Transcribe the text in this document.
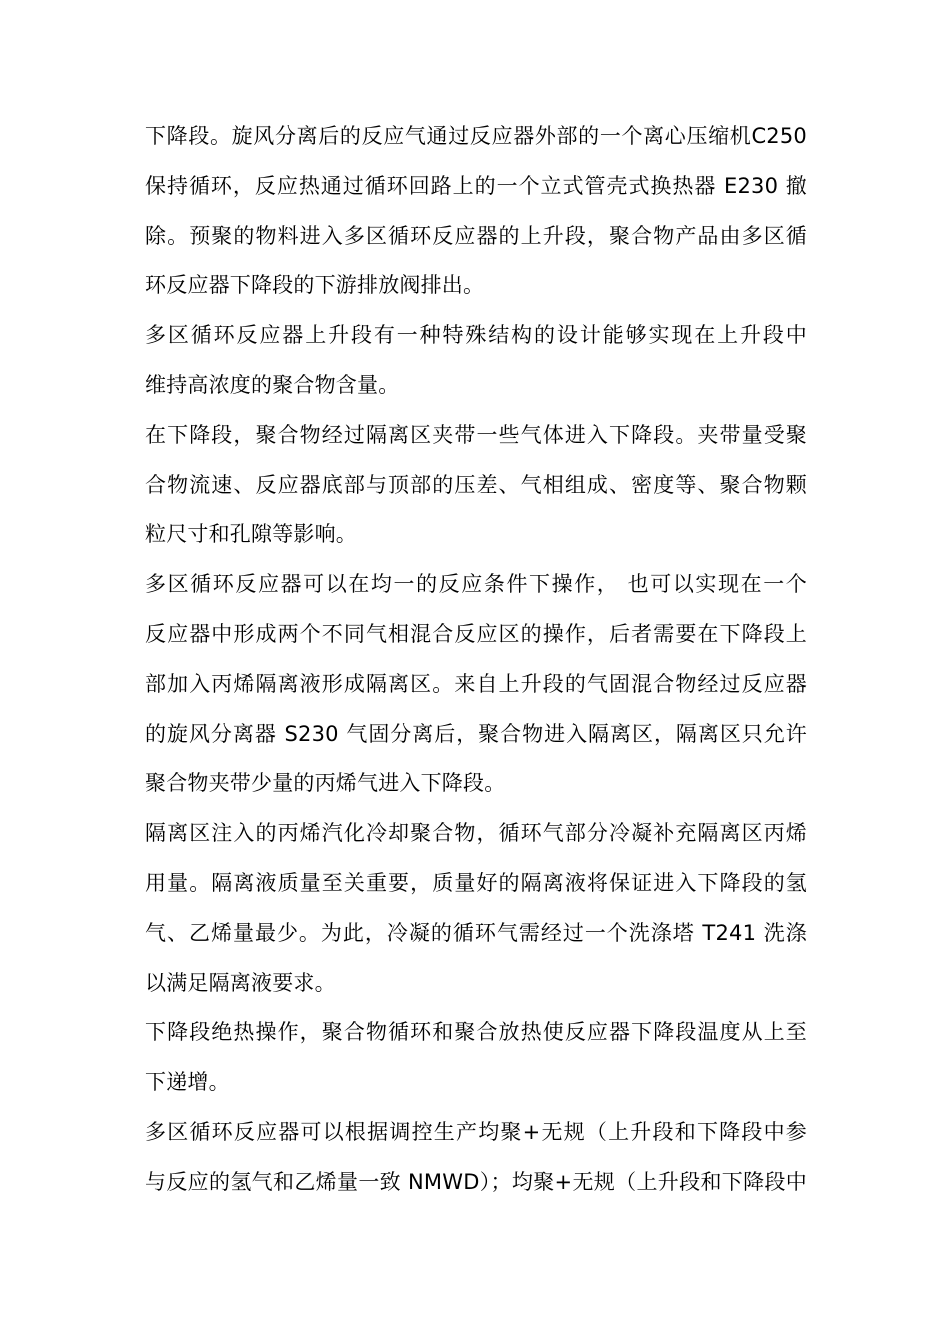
下降段。旋风分离后的反应气通过反应器外部的一个离心压缩机C250
保持循环，反应热通过循环回路上的一个立式管壳式换热器 E230 撤
除。预聚的物料进入多区循环反应器的上升段，聚合物产品由多区循
环反应器下降段的下游排放阀排出。

多区循环反应器上升段有一种特殊结构的设计能够实现在上升段中
维持高浓度的聚合物含量。

在下降段，聚合物经过隔离区夹带一些气体进入下降段。夹带量受聚
合物流速、反应器底部与顶部的压差、气相组成、密度等、聚合物颗
粒尺寸和孔隙等影响。

多区循环反应器可以在均一的反应条件下操作， 也可以实现在一个
反应器中形成两个不同气相混合反应区的操作，后者需要在下降段上
部加入丙烯隔离液形成隔离区。来自上升段的气固混合物经过反应器
的旋风分离器 S230 气固分离后，聚合物进入隔离区，隔离区只允许
聚合物夹带少量的丙烯气进入下降段。

隔离区注入的丙烯汽化冷却聚合物，循环气部分冷凝补充隔离区丙烯
用量。隔离液质量至关重要，质量好的隔离液将保证进入下降段的氢
气、乙烯量最少。为此，冷凝的循环气需经过一个洗涤塔 T241 洗涤
以满足隔离液要求。

下降段绝热操作，聚合物循环和聚合放热使反应器下降段温度从上至
下递增。

多区循环反应器可以根据调控生产均聚+无规（上升段和下降段中参
与反应的氢气和乙烯量一致 NMWD）；均聚+无规（上升段和下降段中
